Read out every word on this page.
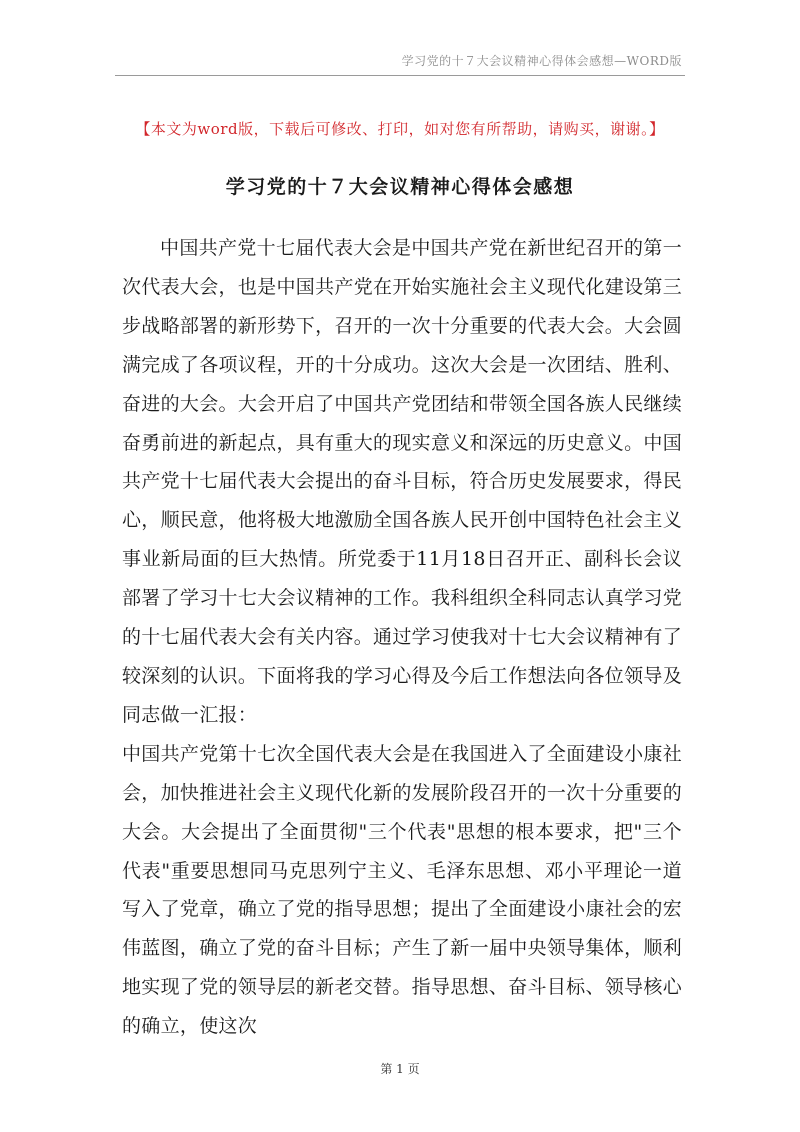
学习党的十７大会议精神心得体会感想—WORD版
【本文为word版，下载后可修改、打印，如对您有所帮助，请购买，谢谢。】
学习党的十７大会议精神心得体会感想

中国共产党十七届代表大会是中国共产党在新世纪召开的第一次代表大会，也是中国共产党在开始实施社会主义现代化建设第三步战略部署的新形势下，召开的一次十分重要的代表大会。大会圆满完成了各项议程，开的十分成功。这次大会是一次团结、胜利、奋进的大会。大会开启了中国共产党团结和带领全国各族人民继续奋勇前进的新起点，具有重大的现实意义和深远的历史意义。中国共产党十七届代表大会提出的奋斗目标，符合历史发展要求，得民心，顺民意，他将极大地激励全国各族人民开创中国特色社会主义事业新局面的巨大热情。所党委于11月18日召开正、副科长会议部署了学习十七大会议精神的工作。我科组织全科同志认真学习党的十七届代表大会有关内容。通过学习使我对十七大会议精神有了较深刻的认识。下面将我的学习心得及今后工作想法向各位领导及同志做一汇报：

中国共产党第十七次全国代表大会是在我国进入了全面建设小康社会，加快推进社会主义现代化新的发展阶段召开的一次十分重要的大会。大会提出了全面贯彻"三个代表"思想的根本要求，把"三个代表"重要思想同马克思列宁主义、毛泽东思想、邓小平理论一道写入了党章，确立了党的指导思想；提出了全面建设小康社会的宏伟蓝图，确立了党的奋斗目标；产生了新一届中央领导集体，顺利地实现了党的领导层的新老交替。指导思想、奋斗目标、领导核心的确立，使这次

第 1 页
